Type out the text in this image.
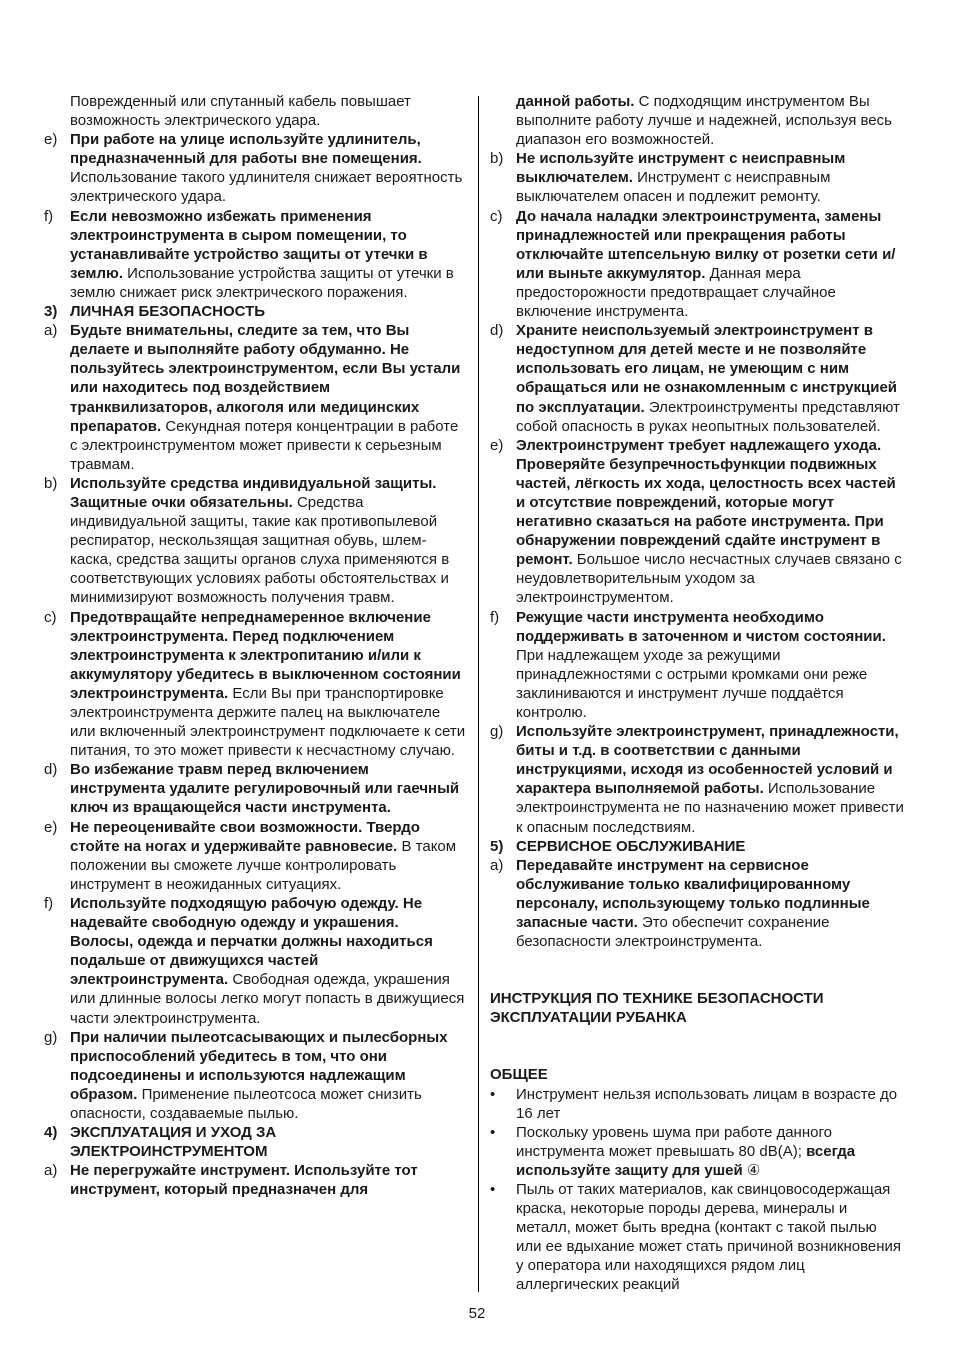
Поврежденный или спутанный кабель повышает возможность электрического удара.
e) При работе на улице используйте удлинитель, предназначенный для работы вне помещения. Использование такого удлинителя снижает вероятность электрического удара.
f)	Если невозможно избежать применения электроинструмента в сыром помещении, то устанавливайте устройство защиты от утечки в землю. Использование устройства защиты от утечки в землю снижает риск электрического поражения.
3) ЛИЧНАЯ БЕЗОПАСНОСТЬ
a) Будьте внимательны, следите за тем, что Вы делаете и выполняйте работу обдуманно. Не пользуйтесь электроинструментом, если Вы устали или находитесь под воздействием транквилизаторов, алкоголя или медицинских препаратов. Секундная потеря концентрации в работе с электроинструментом может привести к серьезным травмам.
b) Используйте средства индивидуальной защиты. Защитные очки обязательны. Средства индивидуальной защиты, такие как противопылевой респиратор, нескользящая защитная обувь, шлем-каска, средства защиты органов слуха применяются в соответствующих условиях работы обстоятельствах и минимизируют возможность получения травм.
c) Предотвращайте непреднамеренное включение электроинструмента. Перед подключением электроинструмента к электропитанию и/или к аккумулятору убедитесь в выключенном состоянии электроинструмента. Если Вы при транспортировке электроинструмента держите палец на выключателе или включенный электроинструмент подключаете к сети питания, то это может привести к несчастному случаю.
d) Во избежание травм перед включением инструмента удалите регулировочный или гаечный ключ из вращающейся части инструмента.
e) Не переоценивайте свои возможности. Твердо стойте на ногах и удерживайте равновесие. В таком положении вы сможете лучше контролировать инструмент в неожиданных ситуациях.
f)	Используйте подходящую рабочую одежду. Не надевайте свободную одежду и украшения. Волосы, одежда и перчатки должны находиться подальше от движущихся частей электроинструмента. Свободная одежда, украшения или длинные волосы легко могут попасть в движущиеся части электроинструмента.
g) При наличии пылеотсасывающих и пылесборных приспособлений убедитесь в том, что они подсоединены и используются надлежащим образом. Применение пылеотсоса может снизить опасности, создаваемые пылью.
4) ЭКСПЛУАТАЦИЯ И УХОД ЗА ЭЛЕКТРОИНСТРУМЕНТОМ
a) Не перегружайте инструмент. Используйте тот инструмент, который предназначен для
данной работы. С подходящим инструментом Вы выполните работу лучше и надежней, используя весь диапазон его возможностей.
b) Не используйте инструмент с неисправным выключателем. Инструмент с неисправным выключателем опасен и подлежит ремонту.
c) До начала наладки электроинструмента, замены принадлежностей или прекращения работы отключайте штепсельную вилку от розетки сети и/или выньте аккумулятор. Данная мера предосторожности предотвращает случайное включение инструмента.
d) Храните неиспользуемый электроинструмент в недоступном для детей месте и не позволяйте использовать его лицам, не умеющим с ним обращаться или не ознакомленным с инструкцией по эксплуатации. Электроинструменты представляют собой опасность в руках неопытных пользователей.
e) Электроинструмент требует надлежащего ухода. Проверяйте безупречностьфункции подвижных частей, лёгкость их хода, целостность всех частей и отсутствие повреждений, которые могут негативно сказаться на работе инструмента. При обнаружении повреждений сдайте инструмент в ремонт. Большое число несчастных случаев связано с неудовлетворительным уходом за электроинструментом.
f)	Режущие части инструмента необходимо поддерживать в заточенном и чистом состоянии. При надлежащем уходе за режущими принадлежностями с острыми кромками они реже заклиниваются и инструмент лучше поддаётся контролю.
g) Используйте электроинструмент, принадлежности, биты и т.д. в соответствии с данными инструкциями, исходя из особенностей условий и характера выполняемой работы. Использование электроинструмента не по назначению может привести к опасным последствиям.
5) СЕРВИСНОЕ ОБСЛУЖИВАНИЕ
a) Передавайте инструмент на сервисное обслуживание только квалифицированному персоналу, использующему только подлинные запасные части. Это обеспечит сохранение безопасности электроинструмента.
ИНСТРУКЦИЯ ПО ТЕХНИКЕ БЕЗОПАСНОСТИ ЭКСПЛУАТАЦИИ РУБАНКА
ОБЩЕЕ
•	Инструмент нельзя использовать лицам в возрасте до 16 лет
•	Поскольку уровень шума при работе данного инструмента может превышать 80 dB(A); всегда используйте защиту для ушей ④
•	Пыль от таких материалов, как свинцовосодержащая краска, некоторые породы дерева, минералы и металл, может быть вредна (контакт с такой пылью или ее вдыхание может стать причиной возникновения у оператора или находящихся рядом лиц аллергических реакций
52
